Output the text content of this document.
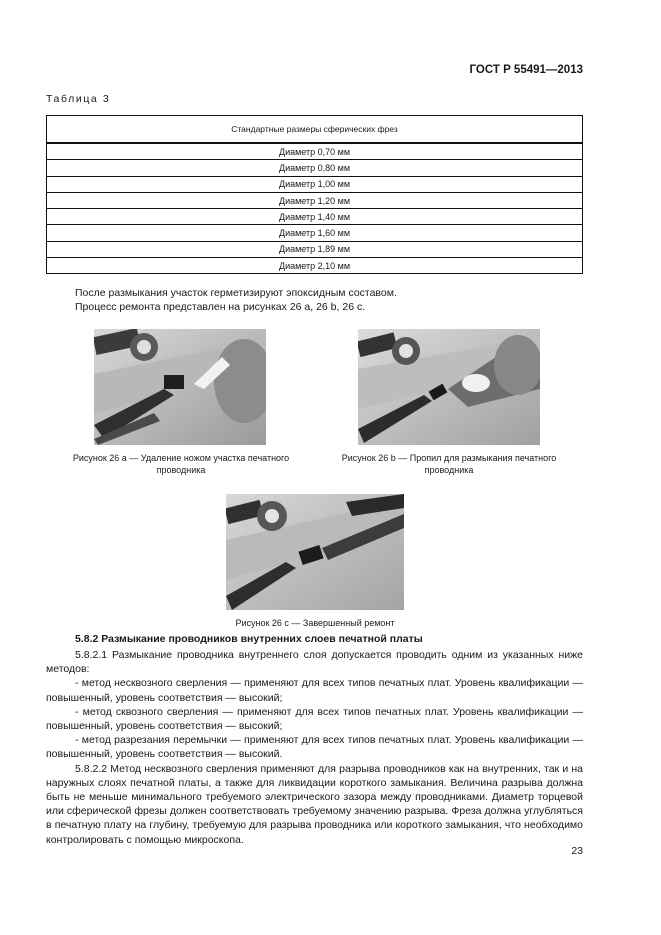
ГОСТ Р 55491—2013
Таблица 3
Стандартные размеры сферических фрез
Диаметр 0,70 мм
Диаметр 0,80 мм
Диаметр 1,00 мм
Диаметр 1,20 мм
Диаметр 1,40 мм
Диаметр 1,60 мм
Диаметр 1,89 мм
Диаметр 2,10 мм
После размыкания участок герметизируют эпоксидным составом.
Процесс ремонта представлен на рисунках 26 a, 26 b, 26 c.
Рисунок 26 a — Удаление ножом участка печатного
проводника
Рисунок 26 b — Пропил для размыкания печатного
проводника
Рисунок 26 c — Завершенный ремонт
5.8.2 Размыкание проводников внутренних слоев печатной платы

5.8.2.1 Размыкание проводника внутреннего слоя допускается проводить одним из указанных ниже методов:

- метод несквозного сверления — применяют для всех типов печатных плат. Уровень квалификации — повышенный, уровень соответствия — высокий;

- метод сквозного сверления — применяют для всех типов печатных плат. Уровень квалификации — повышенный, уровень соответствия — высокий;

- метод разрезания перемычки — применяют для всех типов печатных плат. Уровень квалификации — повышенный, уровень соответствия — высокий.

5.8.2.2 Метод несквозного сверления применяют для разрыва проводников как на внутренних, так и на наружных слоях печатной платы, а также для ликвидации короткого замыкания. Величина разрыва должна быть не меньше минимального требуемого электрического зазора между проводниками. Диаметр торцевой или сферической фрезы должен соответствовать требуемому значению разрыва. Фреза должна углубляться в печатную плату на глубину, требуемую для разрыва проводника или короткого замыкания, что необходимо контролировать с помощью микроскопа.

23
